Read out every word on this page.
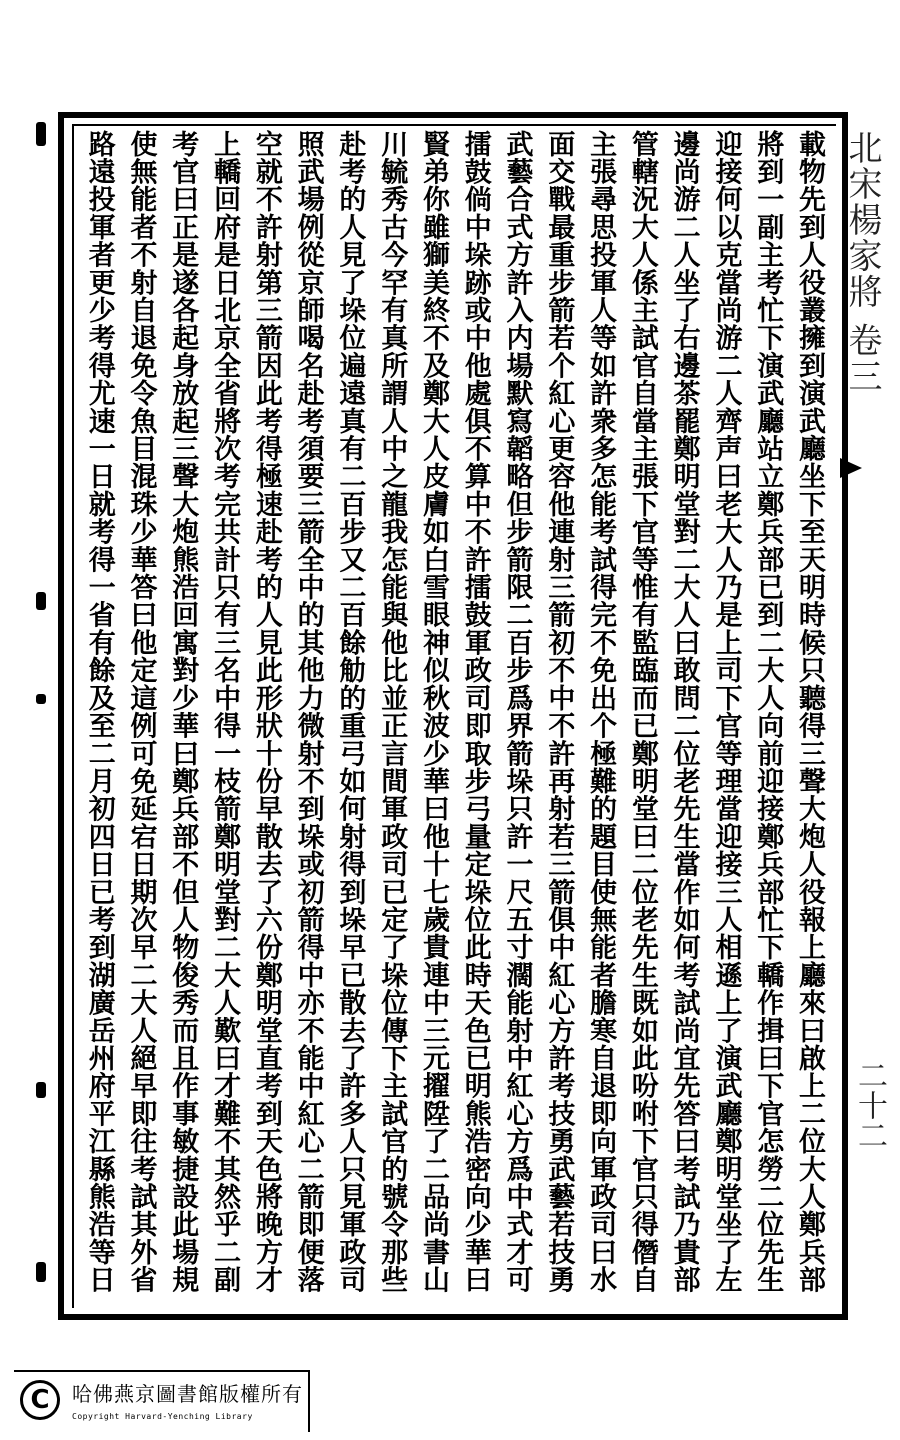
北宋楊家將 卷三
二十二
載物先到人役叢擁到演武廳坐下至天明時候只聽得三聲大炮人役報上廳來曰啟上二位大人鄭兵部
將到一副主考忙下演武廳站立鄭兵部已到二大人向前迎接鄭兵部忙下轎作揖曰下官怎勞二位先生
迎接何以克當尚游二人齊声曰老大人乃是上司下官等理當迎接三人相遜上了演武廳鄭明堂坐了左
邊尚游二人坐了右邊茶罷鄭明堂對二大人曰敢問二位老先生當作如何考試尚宜先答曰考試乃貴部
管轄況大人係主試官自當主張下官等惟有監臨而已鄭明堂曰二位老先生既如此吩咐下官只得僭自
主張尋思投軍人等如許衆多怎能考試得完不免出个極難的題目使無能者膽寒自退即向軍政司曰水
面交戰最重步箭若个紅心更容他連射三箭初不中不許再射若三箭俱中紅心方許考技勇武藝若技勇
武藝合式方許入内場默寫韜略但步箭限二百步爲界箭垛只許一尺五寸濶能射中紅心方爲中式才可
擂鼓倘中垛跡或中他處俱不算中不許擂鼓軍政司即取步弓量定垛位此時天色已明熊浩密向少華曰
賢弟你雖獅美終不及鄭大人皮膚如白雪眼神似秋波少華曰他十七歲貴連中三元擢陞了二品尚書山
川毓秀古今罕有真所謂人中之龍我怎能與他比並正言間軍政司已定了垛位傳下主試官的號令那些
赴考的人見了垛位遍遠真有二百步又二百餘觔的重弓如何射得到垛早已散去了許多人只見軍政司
照武場例從京師喝名赴考須要三箭全中的其他力微射不到垛或初箭得中亦不能中紅心二箭即便落
空就不許射第三箭因此考得極速赴考的人見此形狀十份早散去了六份鄭明堂直考到天色將晚方才
上轎回府是日北京全省將次考完共計只有三名中得一枝箭鄭明堂對二大人歎曰才難不其然乎二副
考官曰正是遂各起身放起三聲大炮熊浩回寓對少華曰鄭兵部不但人物俊秀而且作事敏捷設此場規
使無能者不射自退免令魚目混珠少華答曰他定這例可免延宕日期次早二大人絕早即往考試其外省
路遠投軍者更少考得尤速一日就考得一省有餘及至二月初四日已考到湖廣岳州府平江縣熊浩等日
C	哈佛燕京圖書館版權所有
Copyright Harvard-Yenching Library
